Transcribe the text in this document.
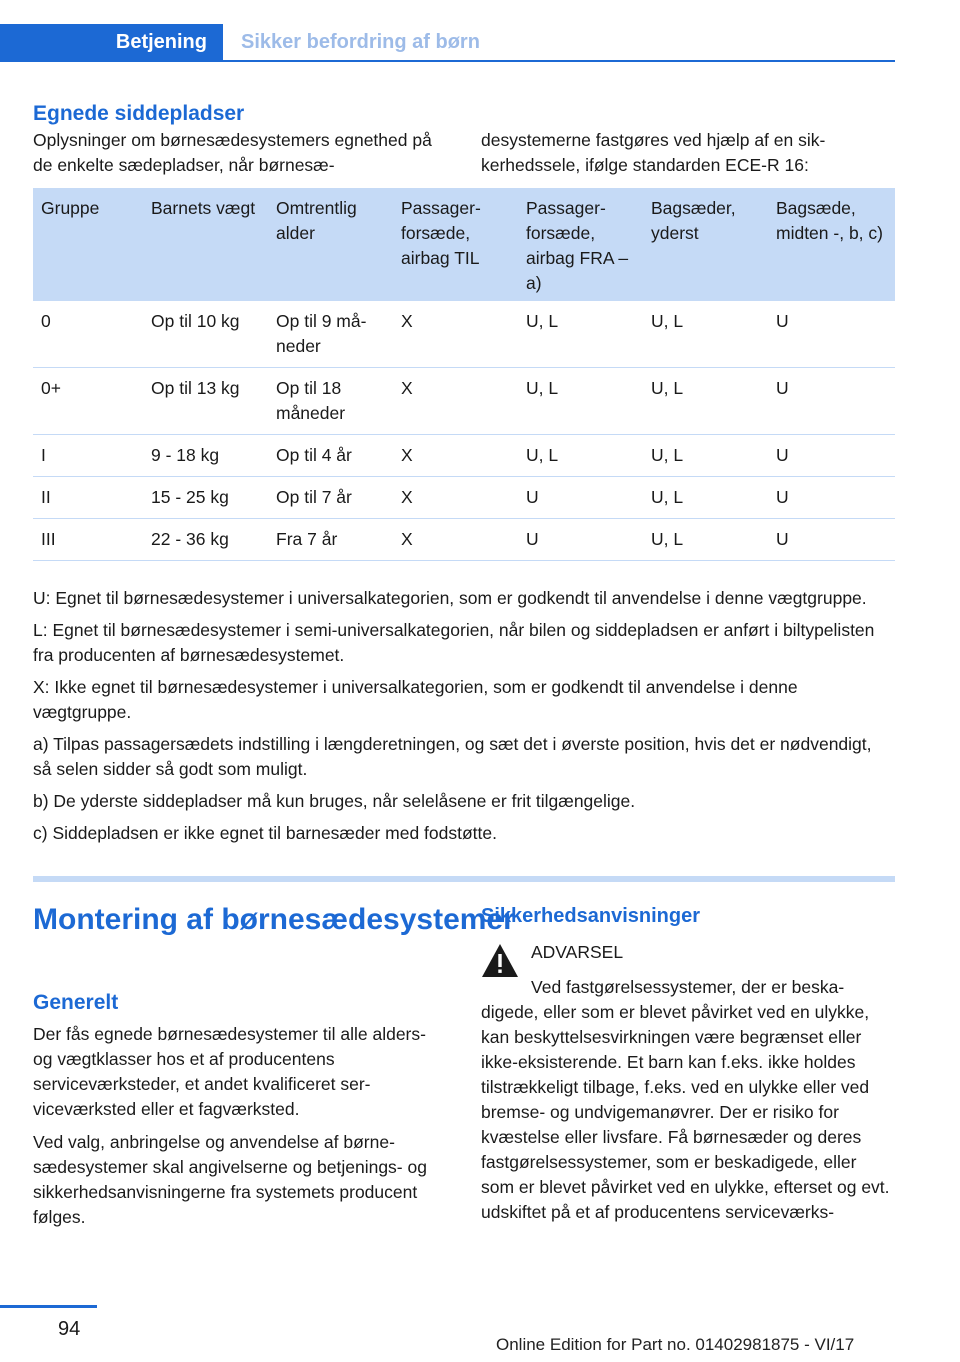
Betjening Sikker befordring af børn
Egnede siddepladser
Oplysninger om børnesædesystemers egnethed på de enkelte sædepladser, når børnesæ-
desystemerne fastgøres ved hjælp af en sikkerhedssele, ifølge standarden ECE-R 16:
Gruppe	Barnets vægt	Omtrentlig alder	Passagerforsæde, airbag TIL	Passagerforsæde, airbag FRA – a)	Bagsæder, yderst	Bagsæde, midten -, b, c)
0	Op til 10 kg	Op til 9 måneder	X	U, L	U, L	U
0+	Op til 13 kg	Op til 18 måneder	X	U, L	U, L	U
I	9 - 18 kg	Op til 4 år	X	U, L	U, L	U
II	15 - 25 kg	Op til 7 år	X	U	U, L	U
III	22 - 36 kg	Fra 7 år	X	U	U, L	U

U: Egnet til børnesædesystemer i universalkategorien, som er godkendt til anvendelse i denne vægtgruppe.

L: Egnet til børnesædesystemer i semi-universalkategorien, når bilen og siddepladsen er anført i biltypelisten fra producenten af børnesædesystemet.

X: Ikke egnet til børnesædesystemer i universalkategorien, som er godkendt til anvendelse i denne vægtgruppe.

a) Tilpas passagersædets indstilling i længderetningen, og sæt det i øverste position, hvis det er nødvendigt, så selen sidder så godt som muligt.

b) De yderste siddepladser må kun bruges, når selelåsene er frit tilgængelige.

c) Siddepladsen er ikke egnet til barnesæder med fodstøtte.

Montering af børnesædesystemer
Generelt

Der fås egnede børnesædesystemer til alle alders- og vægtklasser hos et af producentens serviceværksteder, et andet kvalificeret serviceværksted eller et fagværksted.

Ved valg, anbringelse og anvendelse af børnesædesystemer skal angivelserne og betjenings- og sikkerhedsanvisningerne fra systemets producent følges.

Sikkerhedsanvisninger
ADVARSEL
Ved fastgørelsessystemer, der er beskadigede, eller som er blevet påvirket ved en ulykke, kan beskyttelsesvirkningen være begrænset eller ikke-eksisterende. Et barn kan f.eks. ikke holdes tilstrækkeligt tilbage, f.eks. ved en ulykke eller ved bremse- og undvigemanøvrer. Der er risiko for kvæstelse eller livsfare. Få børnesæder og deres fastgørelsessystemer, som er beskadigede, eller som er blevet påvirket ved en ulykke, efterset og evt. udskiftet på et af producentens serviceværks-
94
Online Edition for Part no. 01402981875 - VI/17
